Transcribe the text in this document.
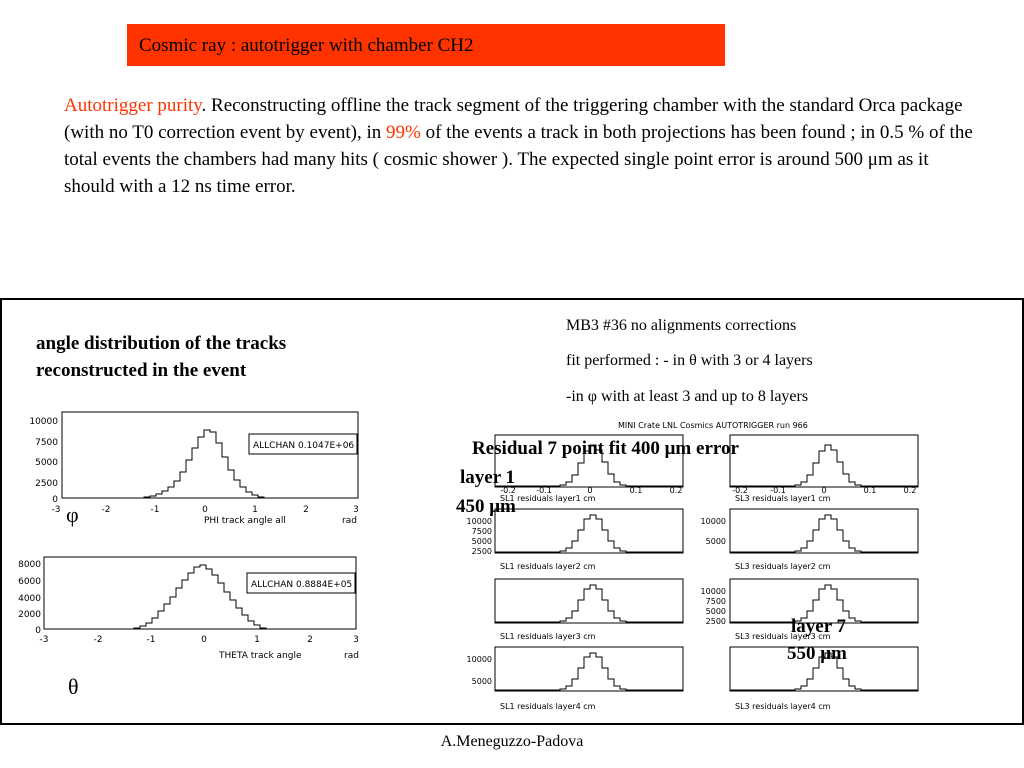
Cosmic ray : autotrigger with chamber CH2
Autotrigger purity. Reconstructing offline the track segment of the triggering chamber with the standard Orca package (with no T0 correction event by event), in 99% of the events a track in both projections has been found ; in 0.5 % of the total events the chambers had many hits ( cosmic shower ). The expected single point error is around 500 μm as it should with a 12 ns time error.
angle distribution of the tracks reconstructed in the event
MB3 #36 no alignments corrections
fit performed : - in θ with 3 or 4 layers
-in φ with at least 3 and up to 8 layers
10000
7500
5000
2500
0
-3	-2	-1	0	1	2	3
PHI track angle all	rad
ALLCHAN 0.1047E+06
φ
8000
6000
4000
2000
0
-3	-2	-1	0	1	2	3
THETA track angle	rad
ALLCHAN 0.8884E+05
θ
MINI Crate LNL Cosmics AUTOTRIGGER run 966
SL1 residuals layer1 cm
SL1 residuals layer2 cm
SL1 residuals layer3 cm
SL1 residuals layer4 cm
10000
7500
5000
2500
10000
5000
-0.2	-0.1	0	0.1	0.2
SL3 residuals layer1 cm
SL3 residuals layer2 cm
SL3 residuals layer3 cm
SL3 residuals layer4 cm
10000
5000
10000
7500
5000
2500
-0.2	-0.1	0	0.1	0.2
Residual 7 point fit 400 μm error
layer 1
450 μm
layer 7
550 μm
A.Meneguzzo-Padova
